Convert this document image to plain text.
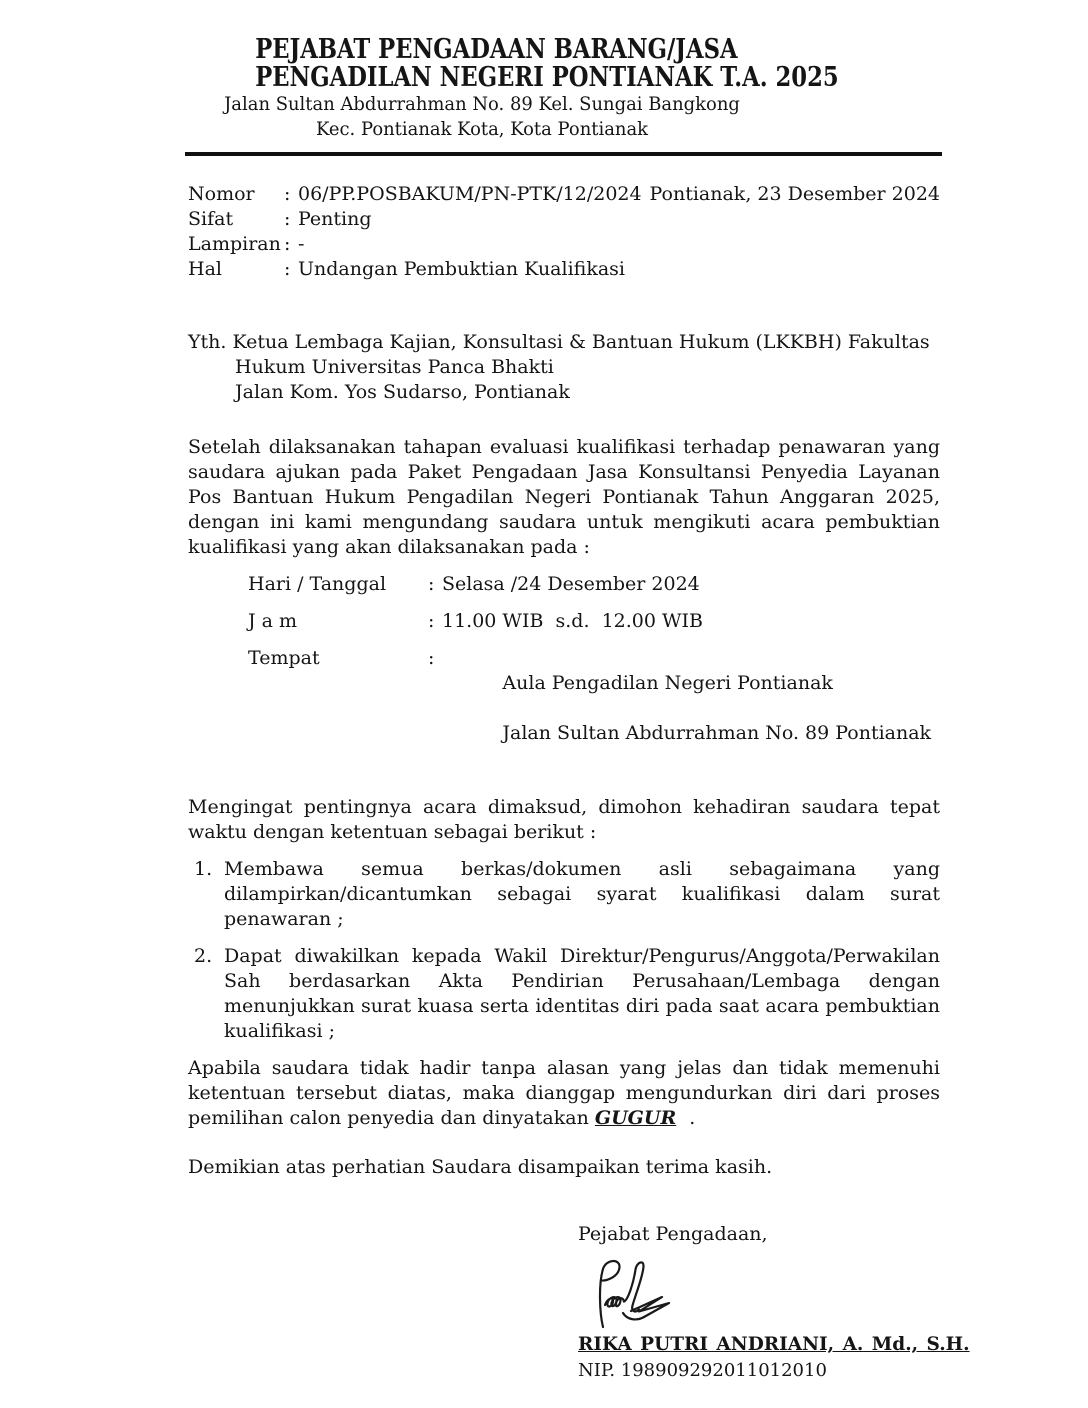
PEJABAT PENGADAAN BARANG/JASA
PENGADILAN NEGERI PONTIANAK T.A. 2025
Jalan Sultan Abdurrahman No. 89 Kel. Sungai Bangkong
Kec. Pontianak Kota, Kota Pontianak
Nomor	: 06/PP.POSBAKUM/PN-PTK/12/2024 Pontianak, 23 Desember 2024
Sifat	: Penting
Lampiran : -
Hal	: Undangan Pembuktian Kualifikasi
Yth. Ketua Lembaga Kajian, Konsultasi & Bantuan Hukum (LKKBH) Fakultas
Hukum Universitas Panca Bhakti
Jalan Kom. Yos Sudarso, Pontianak

Setelah dilaksanakan tahapan evaluasi kualifikasi terhadap penawaran yang saudara ajukan pada Paket Pengadaan Jasa Konsultansi Penyedia Layanan Pos Bantuan Hukum Pengadilan Negeri Pontianak Tahun Anggaran 2025, dengan ini kami mengundang saudara untuk mengikuti acara pembuktian kualifikasi yang akan dilaksanakan pada :

Hari / Tanggal	: Selasa /24 Desember 2024
J a m	: 11.00 WIB  s.d.  12.00 WIB
Tempat	:

Aula Pengadilan Negeri Pontianak

Jalan Sultan Abdurrahman No. 89 Pontianak

Mengingat pentingnya acara dimaksud, dimohon kehadiran saudara tepat waktu dengan ketentuan sebagai berikut :

1. Membawa semua berkas/dokumen asli sebagaimana yang dilampirkan/dicantumkan sebagai syarat kualifikasi dalam surat penawaran ;
2. Dapat diwakilkan kepada Wakil Direktur/Pengurus/Anggota/Perwakilan Sah berdasarkan Akta Pendirian Perusahaan/Lembaga dengan menunjukkan surat kuasa serta identitas diri pada saat acara pembuktian kualifikasi ;

Apabila saudara tidak hadir tanpa alasan yang jelas dan tidak memenuhi ketentuan tersebut diatas, maka dianggap mengundurkan diri dari proses pemilihan calon penyedia dan dinyatakan GUGUR .

Demikian atas perhatian Saudara disampaikan terima kasih.

Pejabat Pengadaan,
RIKA PUTRI ANDRIANI, A. Md., S.H.
NIP. 198909292011012010
